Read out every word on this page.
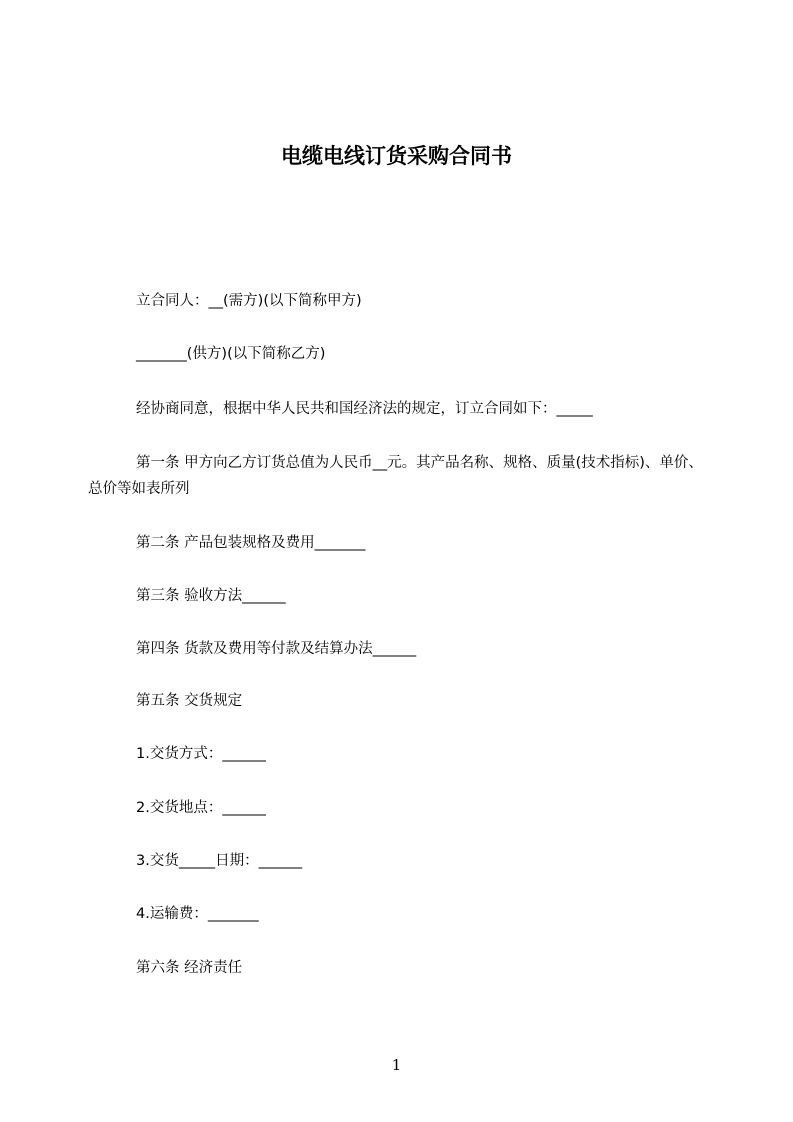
电缆电线订货采购合同书
立合同人：__(需方)(以下简称甲方)
_______(供方)(以下简称乙方)
经协商同意，根据中华人民共和国经济法的规定，订立合同如下：_____
第一条 甲方向乙方订货总值为人民币__元。其产品名称、规格、质量(技术指标)、单价、总价等如表所列
第二条 产品包装规格及费用_______
第三条 验收方法______
第四条 货款及费用等付款及结算办法______
第五条 交货规定
1.交货方式：______
2.交货地点：______
3.交货_____日期：______
4.运输费：_______
第六条 经济责任
1
